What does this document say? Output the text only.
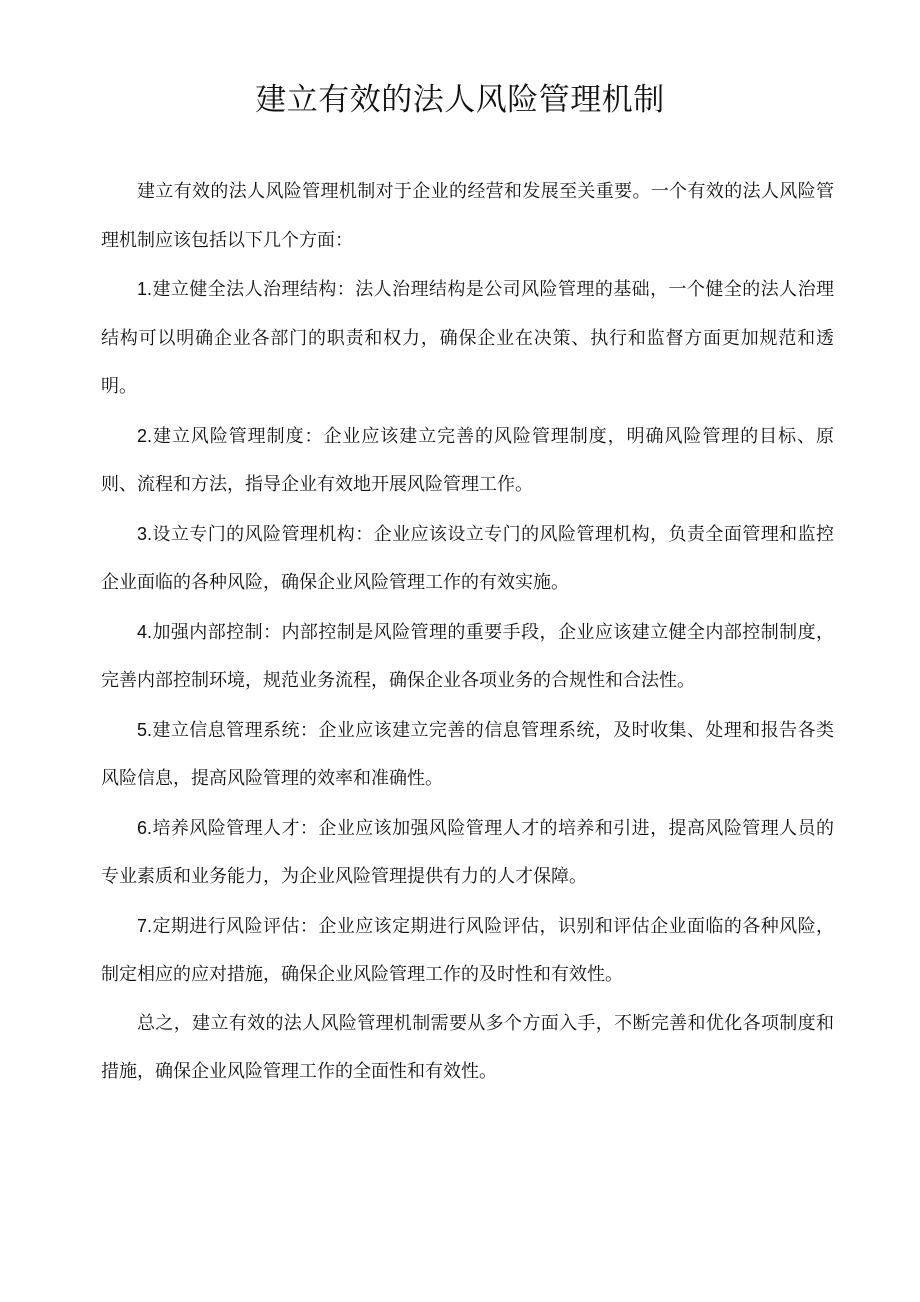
建立有效的法人风险管理机制

建立有效的法人风险管理机制对于企业的经营和发展至关重要。一个有效的法人风险管理机制应该包括以下几个方面：

1.建立健全法人治理结构：法人治理结构是公司风险管理的基础，一个健全的法人治理结构可以明确企业各部门的职责和权力，确保企业在决策、执行和监督方面更加规范和透明。

2.建立风险管理制度：企业应该建立完善的风险管理制度，明确风险管理的目标、原则、流程和方法，指导企业有效地开展风险管理工作。

3.设立专门的风险管理机构：企业应该设立专门的风险管理机构，负责全面管理和监控企业面临的各种风险，确保企业风险管理工作的有效实施。

4.加强内部控制：内部控制是风险管理的重要手段，企业应该建立健全内部控制制度，完善内部控制环境，规范业务流程，确保企业各项业务的合规性和合法性。

5.建立信息管理系统：企业应该建立完善的信息管理系统，及时收集、处理和报告各类风险信息，提高风险管理的效率和准确性。

6.培养风险管理人才：企业应该加强风险管理人才的培养和引进，提高风险管理人员的专业素质和业务能力，为企业风险管理提供有力的人才保障。

7.定期进行风险评估：企业应该定期进行风险评估，识别和评估企业面临的各种风险，制定相应的应对措施，确保企业风险管理工作的及时性和有效性。

总之，建立有效的法人风险管理机制需要从多个方面入手，不断完善和优化各项制度和措施，确保企业风险管理工作的全面性和有效性。
